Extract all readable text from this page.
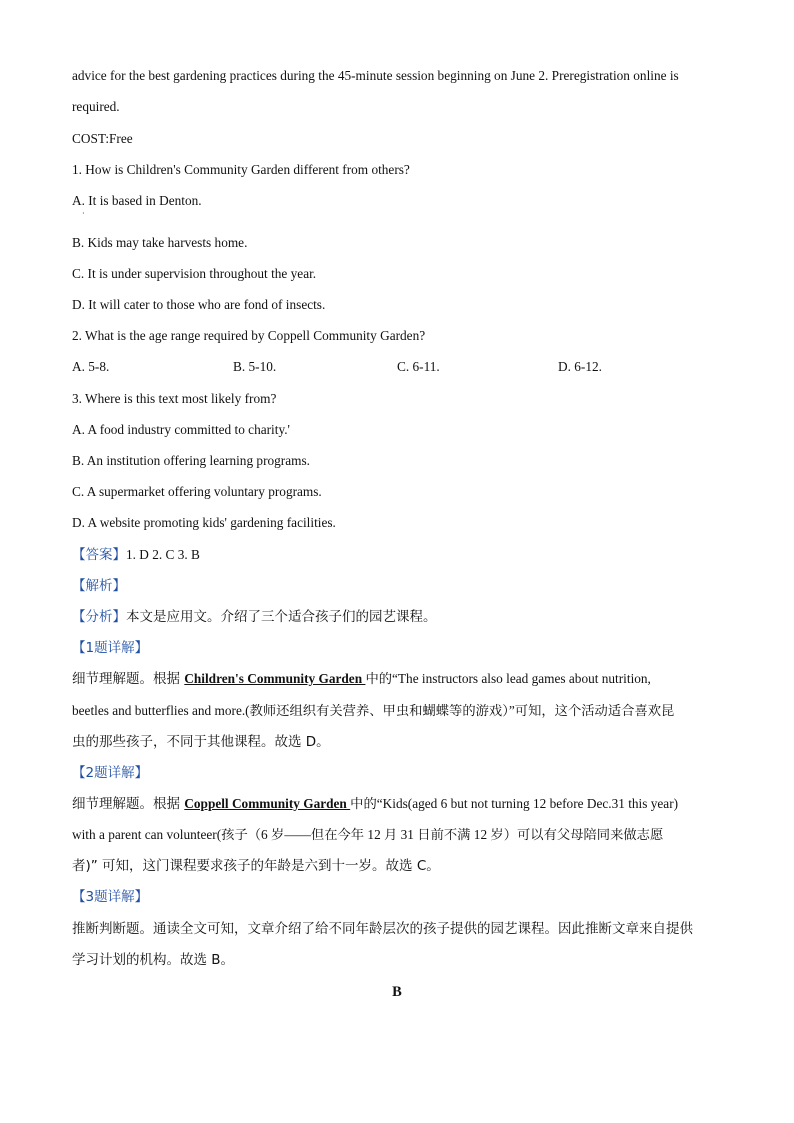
advice for the best gardening practices during the 45-minute session beginning on June 2. Preregistration online is
required.
COST:Free
1. How is Children's Community Garden different from others?
A. It is based in Denton.
·
B. Kids may take harvests home.
C. It is under supervision throughout the year.
D. It will cater to those who are fond of insects.
2. What is the age range required by Coppell Community Garden?
A. 5-8.	B. 5-10.	C. 6-11.	D. 6-12.
3. Where is this text most likely from?
A. A food industry committed to charity.'
B. An institution offering learning programs.
C. A supermarket offering voluntary programs.
D. A website promoting kids' gardening facilities.
【答案】1. D 2. C 3. B
【解析】
【分析】本文是应用文。介绍了三个适合孩子们的园艺课程。
【1题详解】
细节理解题。根据 Children's Community Garden 中的“The instructors also lead games about nutrition,
beetles and butterflies and more.(教师还组织有关营养、甲虫和蝴蝶等的游戏）”可知，这个活动适合喜欢昆
虫的那些孩子，不同于其他课程。故选 D。
【2题详解】
细节理解题。根据 Coppell Community Garden 中的“Kids(aged 6 but not turning 12 before Dec.31 this year)
with a parent can volunteer(孩子（6 岁——但在今年 12 月 31 日前不满 12 岁）可以有父母陪同来做志愿
者)” 可知，这门课程要求孩子的年龄是六到十一岁。故选 C。
【3题详解】
推断判断题。通读全文可知，文章介绍了给不同年龄层次的孩子提供的园艺课程。因此推断文章来自提供
学习计划的机构。故选 B。
B
